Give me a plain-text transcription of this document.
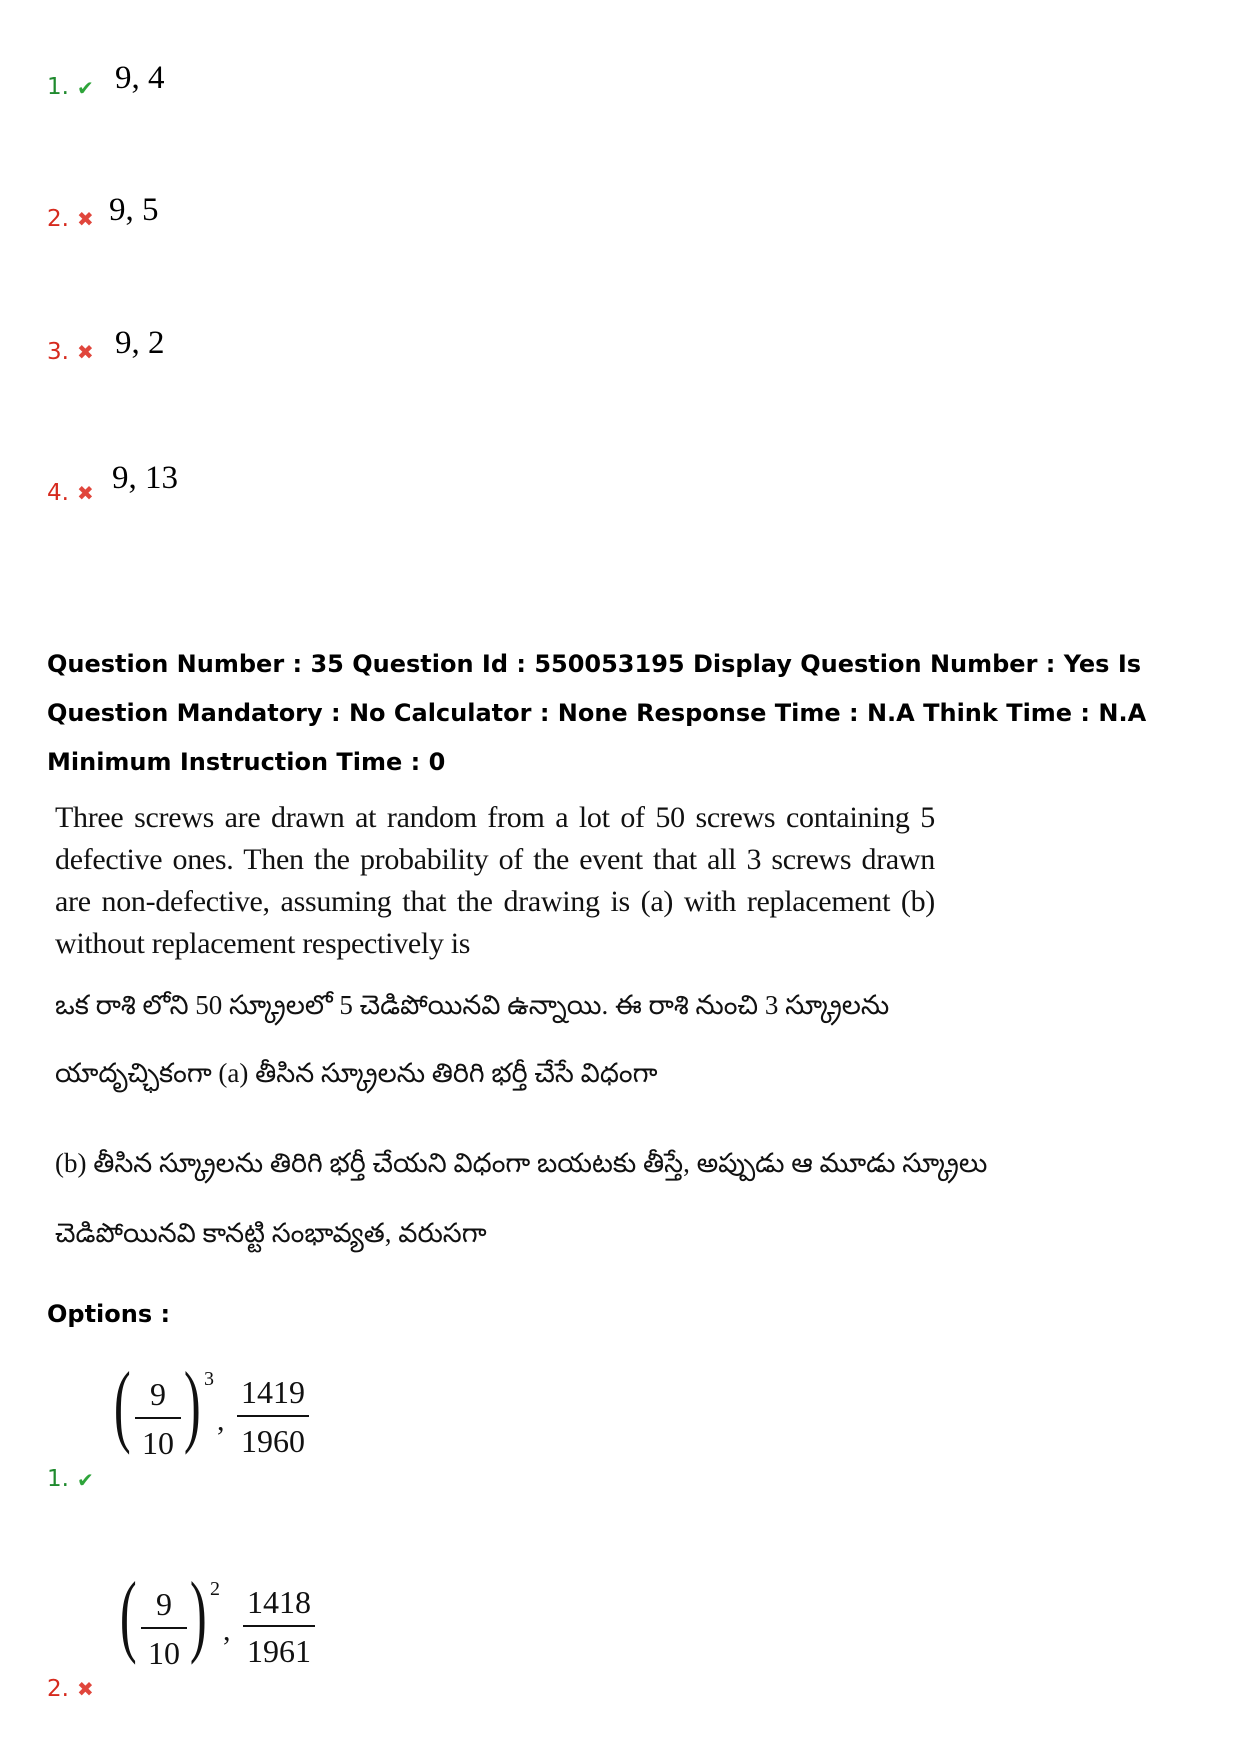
1. ✔ 9, 4
2. ✖ 9, 5
3. ✖ 9, 2
4. ✖ 9, 13
Question Number : 35 Question Id : 550053195 Display Question Number : Yes Is Question Mandatory : No Calculator : None Response Time : N.A Think Time : N.A Minimum Instruction Time : 0
Three screws are drawn at random from a lot of 50 screws containing 5 defective ones. Then the probability of the event that all 3 screws drawn are non-defective, assuming that the drawing is (a) with replacement (b) without replacement respectively is
ఒక రాశి లోని 50 స్క్రూలలో 5 చెడిపోయినవి ఉన్నాయి. ఈ రాశి నుంచి 3 స్క్రూలను
యాదృచ్ఛికంగా (a) తీసిన స్క్రూలను తిరిగి భర్తీ చేసే విధంగా
(b) తీసిన స్క్రూలను తిరిగి భర్తీ చేయని విధంగా బయటకు తీస్తే, అప్పుడు ఆ మూడు స్క్రూలు
చెడిపోయినవి కానట్టి సంభావ్యత, వరుసగా
Options :
1. ✔
( 9
10 ) 3
,
1419
1960
2. ✖
( 9
10 ) 2
,
1418
1961
